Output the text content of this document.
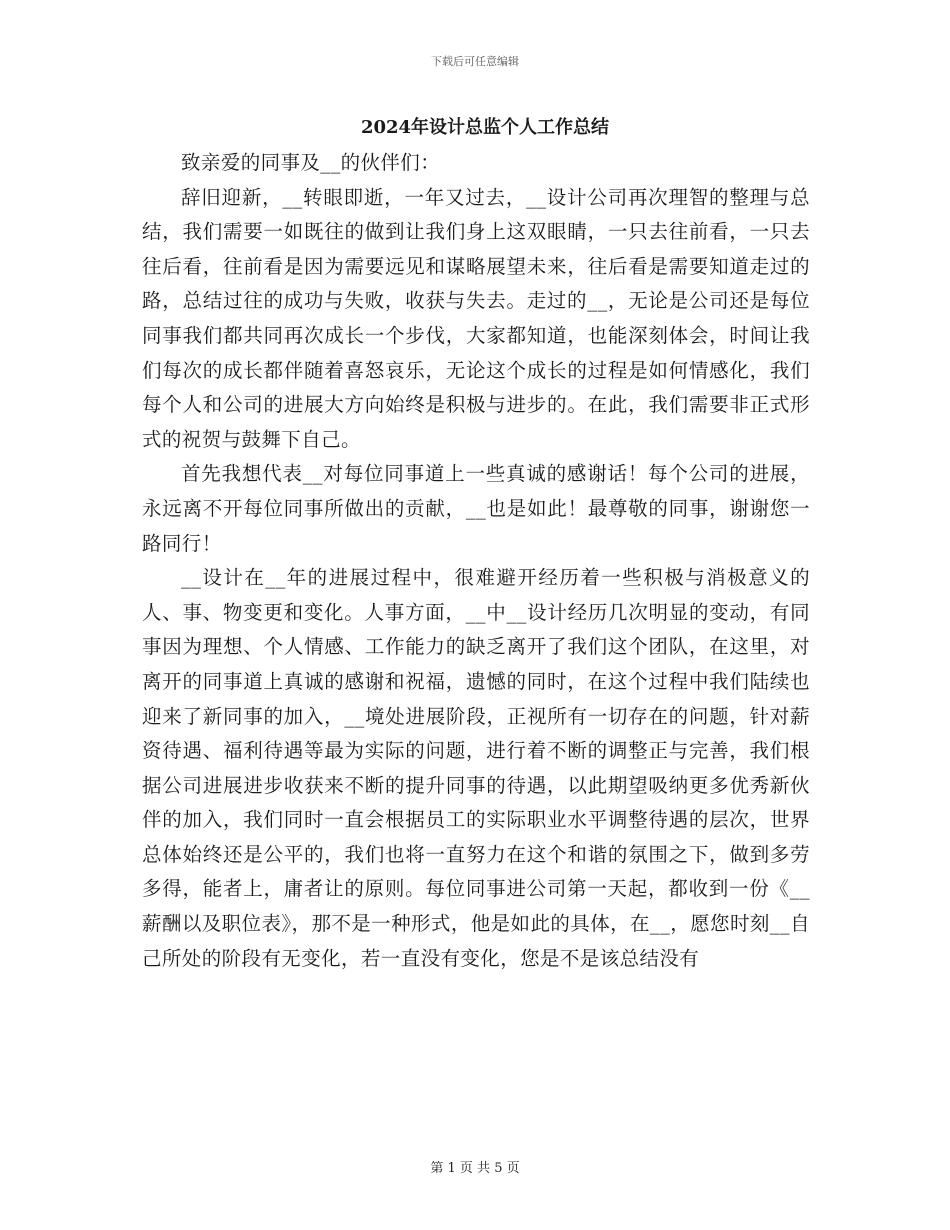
下载后可任意编辑
2024年设计总监个人工作总结

致亲爱的同事及__的伙伴们：

辞旧迎新，__转眼即逝，一年又过去，__设计公司再次理智的整理与总结，我们需要一如既往的做到让我们身上这双眼睛，一只去往前看，一只去往后看，往前看是因为需要远见和谋略展望未来，往后看是需要知道走过的路，总结过往的成功与失败，收获与失去。走过的__，无论是公司还是每位同事我们都共同再次成长一个步伐，大家都知道，也能深刻体会，时间让我们每次的成长都伴随着喜怒哀乐，无论这个成长的过程是如何情感化，我们每个人和公司的进展大方向始终是积极与进步的。在此，我们需要非正式形式的祝贺与鼓舞下自己。

首先我想代表__对每位同事道上一些真诚的感谢话！每个公司的进展，永远离不开每位同事所做出的贡献，__也是如此！最尊敬的同事，谢谢您一路同行！

__设计在__年的进展过程中，很难避开经历着一些积极与消极意义的人、事、物变更和变化。人事方面，__中__设计经历几次明显的变动，有同事因为理想、个人情感、工作能力的缺乏离开了我们这个团队，在这里，对离开的同事道上真诚的感谢和祝福，遗憾的同时，在这个过程中我们陆续也迎来了新同事的加入，__境处进展阶段，正视所有一切存在的问题，针对薪资待遇、福利待遇等最为实际的问题，进行着不断的调整正与完善，我们根据公司进展进步收获来不断的提升同事的待遇，以此期望吸纳更多优秀新伙伴的加入，我们同时一直会根据员工的实际职业水平调整待遇的层次，世界总体始终还是公平的，我们也将一直努力在这个和谐的氛围之下，做到多劳多得，能者上，庸者让的原则。每位同事进公司第一天起，都收到一份《__薪酬以及职位表》，那不是一种形式，他是如此的具体，在__，愿您时刻__自己所处的阶段有无变化，若一直没有变化，您是不是该总结没有

第 1 页 共 5 页
